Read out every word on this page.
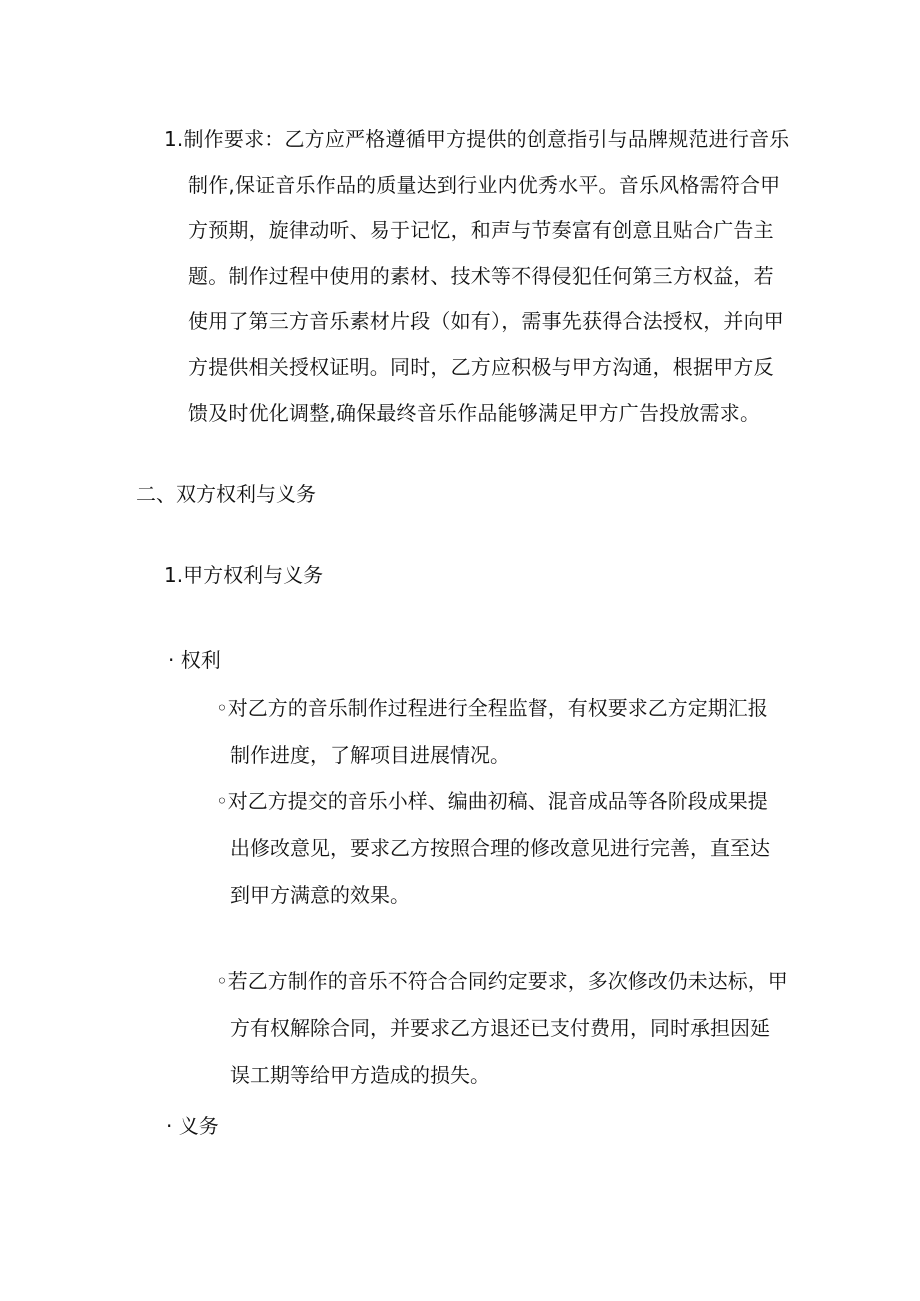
1.制作要求：乙方应严格遵循甲方提供的创意指引与品牌规范进行音乐
制作,保证音乐作品的质量达到行业内优秀水平。音乐风格需符合甲方预期，旋律动听、易于记忆，和声与节奏富有创意且贴合广告主题。制作过程中使用的素材、技术等不得侵犯任何第三方权益，若使用了第三方音乐素材片段（如有），需事先获得合法授权，并向甲方提供相关授权证明。同时，乙方应积极与甲方沟通，根据甲方反馈及时优化调整,确保最终音乐作品能够满足甲方广告投放需求。
二、双方权利与义务
1.甲方权利与义务
· 权利
◦对乙方的音乐制作过程进行全程监督，有权要求乙方定期汇报
制作进度，了解项目进展情况。
◦对乙方提交的音乐小样、编曲初稿、混音成品等各阶段成果提
出修改意见，要求乙方按照合理的修改意见进行完善，直至达到甲方满意的效果。
◦若乙方制作的音乐不符合合同约定要求，多次修改仍未达标，甲
方有权解除合同，并要求乙方退还已支付费用，同时承担因延误工期等给甲方造成的损失。
· 义务
